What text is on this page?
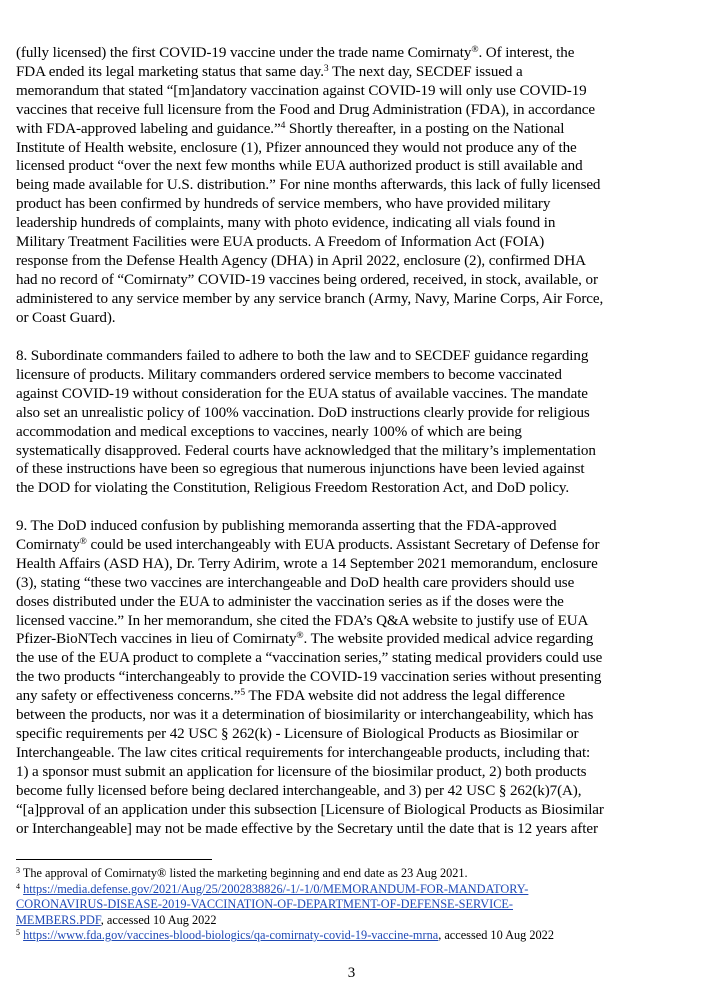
(fully licensed) the first COVID-19 vaccine under the trade name Comirnaty®. Of interest, the
FDA ended its legal marketing status that same day.$^3$ The next day, SECDEF issued a
memorandum that stated “[m]andatory vaccination against COVID-19 will only use COVID-19
vaccines that receive full licensure from the Food and Drug Administration (FDA), in accordance
with FDA-approved labeling and guidance.”$^4$ Shortly thereafter, in a posting on the National
Institute of Health website, enclosure (1), Pfizer announced they would not produce any of the
licensed product “over the next few months while EUA authorized product is still available and
being made available for U.S. distribution.” For nine months afterwards, this lack of fully licensed
product has been confirmed by hundreds of service members, who have provided military
leadership hundreds of complaints, many with photo evidence, indicating all vials found in
Military Treatment Facilities were EUA products. A Freedom of Information Act (FOIA)
response from the Defense Health Agency (DHA) in April 2022, enclosure (2), confirmed DHA
had no record of “Comirnaty” COVID-19 vaccines being ordered, received, in stock, available, or
administered to any service member by any service branch (Army, Navy, Marine Corps, Air Force,
or Coast Guard).

8. Subordinate commanders failed to adhere to both the law and to SECDEF guidance regarding
licensure of products. Military commanders ordered service members to become vaccinated
against COVID-19 without consideration for the EUA status of available vaccines. The mandate
also set an unrealistic policy of 100% vaccination. DoD instructions clearly provide for religious
accommodation and medical exceptions to vaccines, nearly 100% of which are being
systematically disapproved. Federal courts have acknowledged that the military’s implementation
of these instructions have been so egregious that numerous injunctions have been levied against
the DOD for violating the Constitution, Religious Freedom Restoration Act, and DoD policy.

9. The DoD induced confusion by publishing memoranda asserting that the FDA-approved
Comirnaty® could be used interchangeably with EUA products. Assistant Secretary of Defense for
Health Affairs (ASD HA), Dr. Terry Adirim, wrote a 14 September 2021 memorandum, enclosure
(3), stating “these two vaccines are interchangeable and DoD health care providers should use
doses distributed under the EUA to administer the vaccination series as if the doses were the
licensed vaccine.” In her memorandum, she cited the FDA’s Q&A website to justify use of EUA
Pfizer-BioNTech vaccines in lieu of Comirnaty®. The website provided medical advice regarding
the use of the EUA product to complete a “vaccination series,” stating medical providers could use
the two products “interchangeably to provide the COVID-19 vaccination series without presenting
any safety or effectiveness concerns.”$^5$ The FDA website did not address the legal difference
between the products, nor was it a determination of biosimilarity or interchangeability, which has
specific requirements per 42 USC § 262(k) - Licensure of Biological Products as Biosimilar or
Interchangeable. The law cites critical requirements for interchangeable products, including that:
1) a sponsor must submit an application for licensure of the biosimilar product, 2) both products
become fully licensed before being declared interchangeable, and 3) per 42 USC § 262(k)7(A),
“[a]pproval of an application under this subsection [Licensure of Biological Products as Biosimilar
or Interchangeable] may not be made effective by the Secretary until the date that is 12 years after

$^3$ The approval of Comirnaty® listed the marketing beginning and end date as 23 Aug 2021.
$^4$ https://media.defense.gov/2021/Aug/25/2002838826/-1/-1/0/MEMORANDUM-FOR-MANDATORY-
CORONAVIRUS-DISEASE-2019-VACCINATION-OF-DEPARTMENT-OF-DEFENSE-SERVICE-
MEMBERS.PDF, accessed 10 Aug 2022
$^5$ https://www.fda.gov/vaccines-blood-biologics/qa-comirnaty-covid-19-vaccine-mrna, accessed 10 Aug 2022
3
